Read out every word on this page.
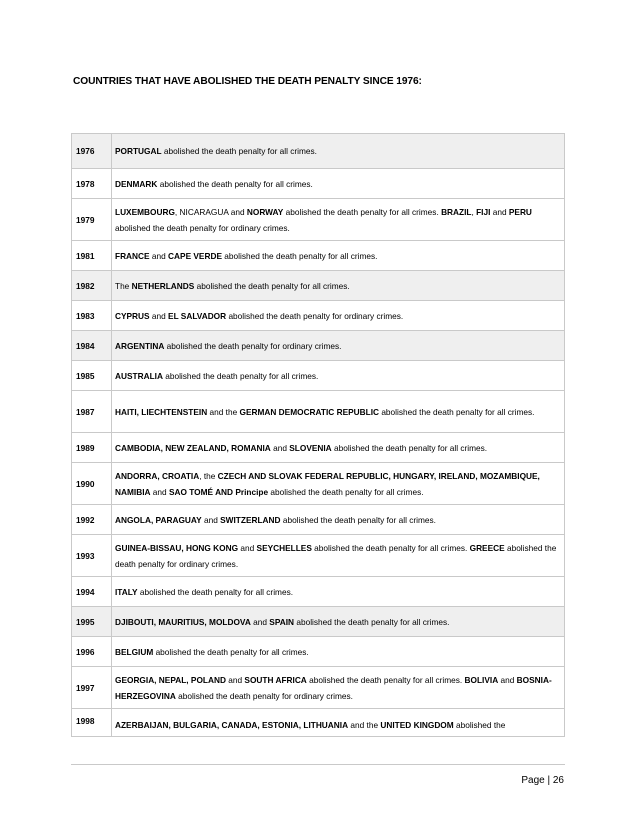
COUNTRIES THAT HAVE ABOLISHED THE DEATH PENALTY SINCE 1976:
1976	PORTUGAL abolished the death penalty for all crimes.
1978	DENMARK abolished the death penalty for all crimes.
1979	LUXEMBOURG, NICARAGUA and NORWAY abolished the death penalty for all crimes. BRAZIL, FIJI and PERU abolished the death penalty for ordinary crimes.
1981	FRANCE and CAPE VERDE abolished the death penalty for all crimes.
1982	The NETHERLANDS abolished the death penalty for all crimes.
1983	CYPRUS and EL SALVADOR abolished the death penalty for ordinary crimes.
1984	ARGENTINA abolished the death penalty for ordinary crimes.
1985	AUSTRALIA abolished the death penalty for all crimes.
1987	HAITI, LIECHTENSTEIN and the GERMAN DEMOCRATIC REPUBLIC abolished the death penalty for all crimes.
1989	CAMBODIA, NEW ZEALAND, ROMANIA and SLOVENIA abolished the death penalty for all crimes.
1990	ANDORRA, CROATIA, the CZECH AND SLOVAK FEDERAL REPUBLIC, HUNGARY, IRELAND, MOZAMBIQUE, NAMIBIA and SAO TOMÉ AND Principe abolished the death penalty for all crimes.
1992	ANGOLA, PARAGUAY and SWITZERLAND abolished the death penalty for all crimes.
1993	GUINEA-BISSAU, HONG KONG and SEYCHELLES abolished the death penalty for all crimes. GREECE abolished the death penalty for ordinary crimes.
1994	ITALY abolished the death penalty for all crimes.
1995	DJIBOUTI, MAURITIUS, MOLDOVA and SPAIN abolished the death penalty for all crimes.
1996	BELGIUM abolished the death penalty for all crimes.
1997	GEORGIA, NEPAL, POLAND and SOUTH AFRICA abolished the death penalty for all crimes. BOLIVIA and BOSNIA-HERZEGOVINA abolished the death penalty for ordinary crimes.
1998	AZERBAIJAN, BULGARIA, CANADA, ESTONIA, LITHUANIA and the UNITED KINGDOM abolished the
Page | 26
